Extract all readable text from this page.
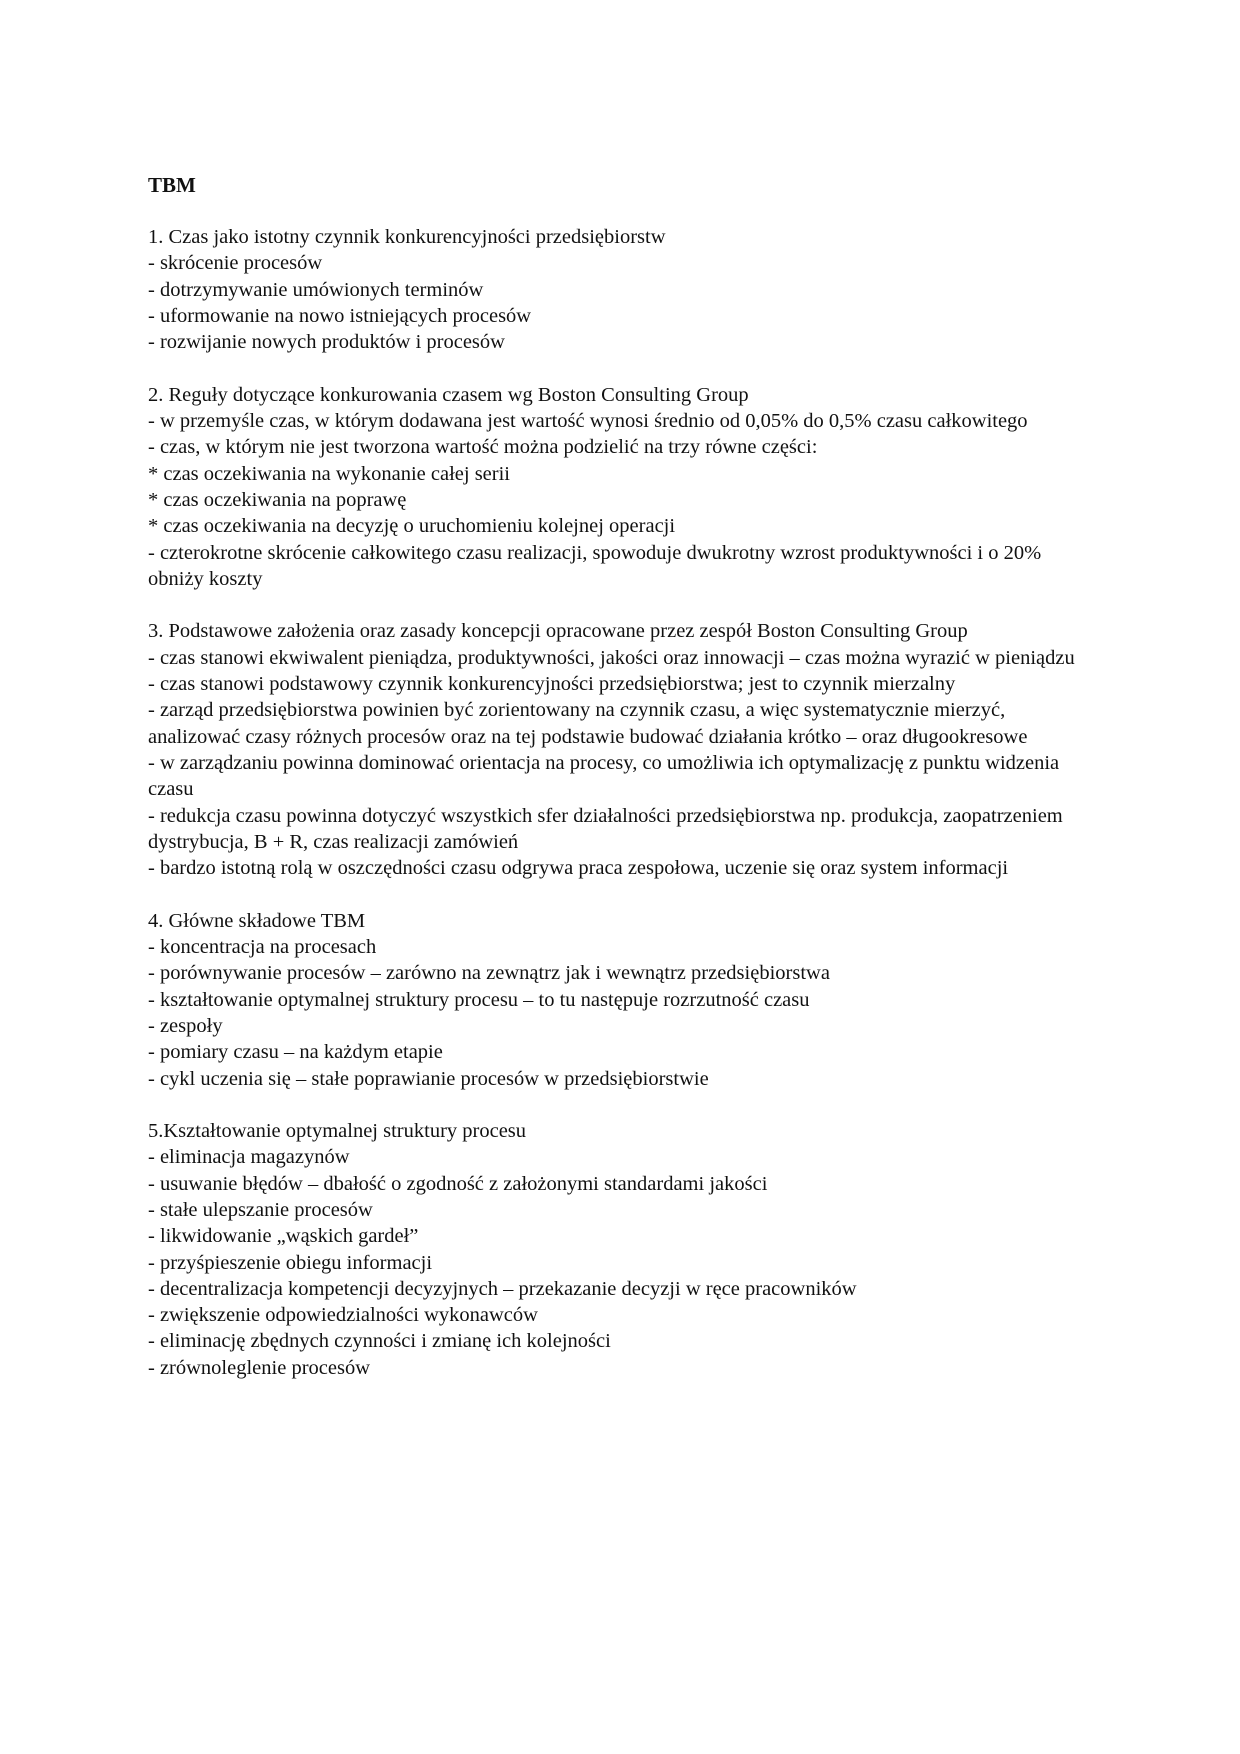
TBM
1. Czas jako istotny czynnik konkurencyjności przedsiębiorstw
- skrócenie procesów
- dotrzymywanie umówionych terminów
- uformowanie na nowo istniejących procesów
- rozwijanie nowych produktów i procesów
2. Reguły dotyczące konkurowania czasem wg Boston Consulting Group
- w przemyśle czas, w którym dodawana jest wartość wynosi średnio od 0,05% do 0,5% czasu całkowitego
- czas, w którym nie jest tworzona wartość można podzielić na trzy równe części:
* czas oczekiwania na wykonanie całej serii
* czas oczekiwania na poprawę
* czas oczekiwania na decyzję o uruchomieniu kolejnej operacji
- czterokrotne skrócenie całkowitego czasu realizacji, spowoduje dwukrotny wzrost produktywności i o 20% obniży koszty
3. Podstawowe założenia oraz zasady koncepcji opracowane przez zespół Boston Consulting Group
- czas stanowi ekwiwalent pieniądza, produktywności, jakości oraz innowacji – czas można wyrazić w pieniądzu
- czas stanowi podstawowy czynnik konkurencyjności przedsiębiorstwa; jest to czynnik mierzalny
- zarząd przedsiębiorstwa powinien być zorientowany na czynnik czasu, a więc systematycznie mierzyć, analizować czasy różnych procesów oraz na tej podstawie budować działania krótko – oraz długookresowe
- w zarządzaniu powinna dominować orientacja na procesy, co umożliwia ich optymalizację z punktu widzenia czasu
- redukcja czasu powinna dotyczyć wszystkich sfer działalności przedsiębiorstwa np. produkcja, zaopatrzeniem dystrybucja, B + R, czas realizacji zamówień
- bardzo istotną rolą w oszczędności czasu odgrywa praca zespołowa, uczenie się oraz system informacji
4. Główne składowe TBM
- koncentracja na procesach
- porównywanie procesów – zarówno na zewnątrz jak i wewnątrz przedsiębiorstwa
- kształtowanie optymalnej struktury procesu – to tu następuje rozrzutność czasu
- zespoły
- pomiary czasu – na każdym etapie
- cykl uczenia się – stałe poprawianie procesów w przedsiębiorstwie
5.Kształtowanie optymalnej struktury procesu
- eliminacja magazynów
- usuwanie błędów – dbałość o zgodność z założonymi standardami jakości
- stałe ulepszanie procesów
- likwidowanie „wąskich gardeł”
- przyśpieszenie obiegu informacji
- decentralizacja kompetencji decyzyjnych – przekazanie decyzji w ręce pracowników
- zwiększenie odpowiedzialności wykonawców
- eliminację zbędnych czynności i zmianę ich kolejności
- zrównoleglenie procesów
